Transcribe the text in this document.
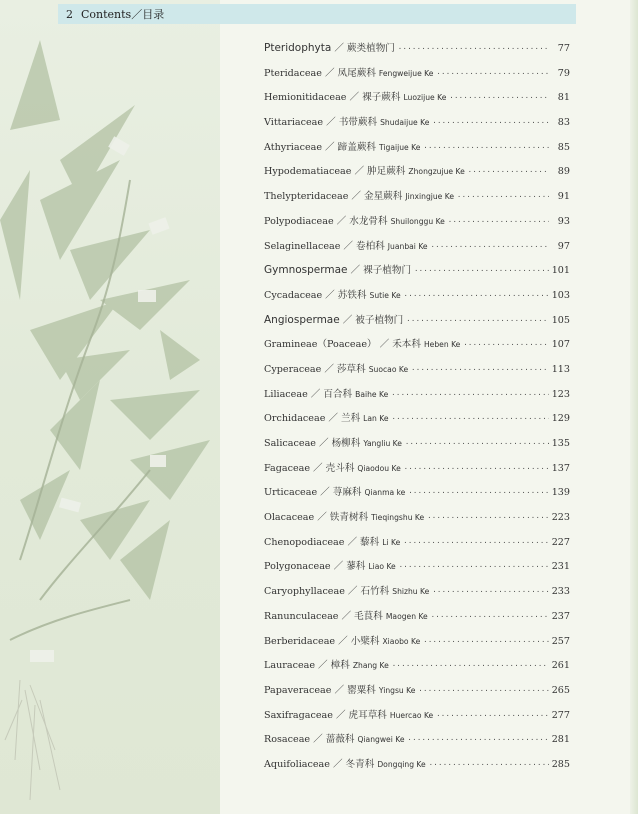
2 Contents／目录
Pteridophyta ／ 蕨类植物门 ·····	77
Pteridaceae ／ 凤尾蕨科 Fengweijue Ke ·····	79
Hemionitidaceae ／ 裸子蕨科 Luozijue Ke ·····	81
Vittariaceae ／ 书带蕨科 Shudaijue Ke ·····	83
Athyriaceae ／ 蹄盖蕨科 Tigaijue Ke ·····	85
Hypodematiaceae ／ 肿足蕨科 Zhongzujue Ke ·····	89
Thelypteridaceae ／ 金星蕨科 Jinxingjue Ke ·····	91
Polypodiaceae ／ 水龙骨科 Shuilonggu Ke ·····	93
Selaginellaceae ／ 卷柏科 Juanbai Ke ·····	97
Gymnospermae ／ 裸子植物门 ·····	101
Cycadaceae ／ 苏铁科 Sutie Ke ·····	103
Angiospermae ／ 被子植物门 ·····	105
Gramineae（Poaceae） ／ 禾本科 Heben Ke ·····	107
Cyperaceae ／ 莎草科 Suocao Ke ·····	113
Liliaceae ／ 百合科 Baihe Ke ·····	123
Orchidaceae ／ 兰科 Lan Ke ·····	129
Salicaceae ／ 杨柳科 Yangliu Ke ·····	135
Fagaceae ／ 壳斗科 Qiaodou Ke ·····	137
Urticaceae ／ 荨麻科 Qianma ke ·····	139
Olacaceae ／ 铁青树科 Tieqingshu Ke ·····	223
Chenopodiaceae ／ 藜科 Li Ke ·····	227
Polygonaceae ／ 蓼科 Liao Ke ·····	231
Caryophyllaceae ／ 石竹科 Shizhu Ke ·····	233
Ranunculaceae ／ 毛茛科 Maogen Ke ·····	237
Berberidaceae ／ 小檗科 Xiaobo Ke ·····	257
Lauraceae ／ 樟科 Zhang Ke ·····	261
Papaveraceae ／ 罂粟科 Yingsu Ke ·····	265
Saxifragaceae ／ 虎耳草科 Huercao Ke ·····	277
Rosaceae ／ 蔷薇科 Qiangwei Ke ·····	281
Aquifoliaceae ／ 冬青科 Dongqing Ke ·····	285
